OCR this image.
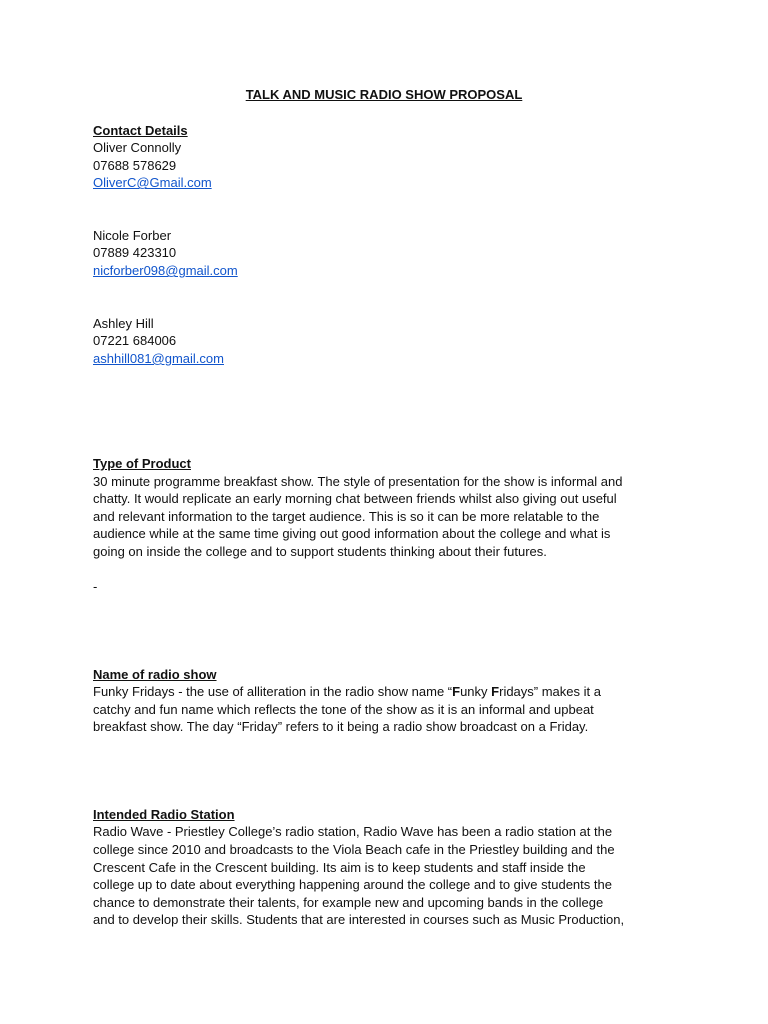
TALK AND MUSIC RADIO SHOW PROPOSAL

Contact Details

Oliver Connolly

07688 578629

OliverC@Gmail.com

Nicole Forber

07889 423310

nicforber098@gmail.com

Ashley Hill

07221 684006

ashhill081@gmail.com

Type of Product

30 minute programme breakfast show. The style of presentation for the show is informal and

chatty. It would replicate an early morning chat between friends whilst also giving out useful

and relevant information to the target audience. This is so it can be more relatable to the

audience while at the same time giving out good information about the college and what is

going on inside the college and to support students thinking about their futures.

-

Name of radio show

Funky Fridays - the use of alliteration in the radio show name “Funky Fridays” makes it a

catchy and fun name which reflects the tone of the show as it is an informal and upbeat

breakfast show. The day “Friday” refers to it being a radio show broadcast on a Friday.

Intended Radio Station

Radio Wave - Priestley College’s radio station, Radio Wave has been a radio station at the

college since 2010 and broadcasts to the Viola Beach cafe in the Priestley building and the

Crescent Cafe in the Crescent building. Its aim is to keep students and staff inside the

college up to date about everything happening around the college and to give students the

chance to demonstrate their talents, for example new and upcoming bands in the college

and to develop their skills. Students that are interested in courses such as Music Production,
